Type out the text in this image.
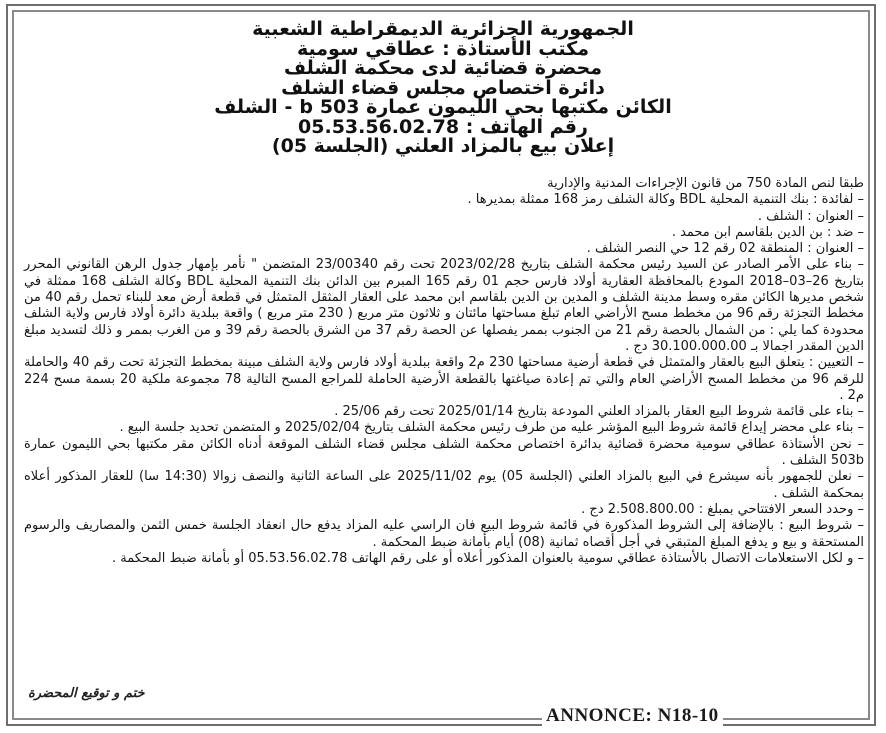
الجمهورية الجزائرية الديمقراطية الشعبية
مكتب الأستاذة : عطاقي سومية
محضرة قضائية لدى محكمة الشلف
دائرة اختصاص مجلس قضاء الشلف
الكائن مكتبها بحي الليمون عمارة 503 b - الشلف
رقم الهاتف : 05.53.56.02.78
إعلان بيع بالمزاد العلني (الجلسة 05)

طبقا لنص المادة 750 من قانون الإجراءات المدنية والإدارية

– لفائدة : بنك التنمية المحلية BDL وكالة الشلف رمز 168 ممثلة بمديرها .

– العنوان : الشلف .

– ضد : بن الدين بلقاسم ابن محمد .

– العنوان : المنطقة 02 رقم 12 حي النصر الشلف .

– بناء على الأمر الصادر عن السيد رئيس محكمة الشلف بتاريخ 2023/02/28 تحت رقم 23/00340 المتضمن " نأمر بإمهار جدول الرهن القانوني المحرر بتاريخ 26–03–2018 المودع بالمحافظة العقارية أولاد فارس حجم 01 رقم 165 المبرم بين الدائن بنك التنمية المحلية BDL وكالة الشلف 168 ممثلة في شخص مديرها الكائن مقره وسط مدينة الشلف و المدين بن الدين بلقاسم ابن محمد على العقار المثقل المتمثل في قطعة أرض معد للبناء تحمل رقم 40 من مخطط التجزئة رقم 96 من مخطط مسح الأراضي العام تبلغ مساحتها مائتان و ثلاثون متر مربع ( 230 متر مربع ) واقعة ببلدية دائرة أولاد فارس ولاية الشلف محدودة كما يلي : من الشمال بالحصة رقم 21 من الجنوب بممر يفصلها عن الحصة رقم 37 من الشرق بالحصة رقم 39 و من الغرب بممر و ذلك لتسديد مبلغ الدين المقدر اجمالا بـ 30.100.000.00 دج .

– التعيين : يتعلق البيع بالعقار والمتمثل في قطعة أرضية مساحتها 230 م2 واقعة ببلدية أولاد فارس ولاية الشلف مبينة بمخطط التجزئة تحت رقم 40 والحاملة للرقم 96 من مخطط المسح الأراضي العام والتي تم إعادة صياغتها بالقطعة الأرضية الحاملة للمراجع المسح التالية 78 مجموعة ملكية 20 بسمة مسح 224 م2 .

– بناء على قائمة شروط البيع العقار بالمزاد العلني المودعة بتاريخ 2025/01/14 تحت رقم 25/06 .

– بناء على محضر إيداع قائمة شروط البيع المؤشر عليه من طرف رئيس محكمة الشلف بتاريخ 2025/02/04 و المتضمن تحديد جلسة البيع .

– نحن الأستاذة عطاقي سومية محضرة قضائية بدائرة اختصاص محكمة الشلف مجلس قضاء الشلف الموقعة أدناه الكائن مقر مكتبها بحي الليمون عمارة 503b الشلف .

– نعلن للجمهور بأنه سيشرع في البيع بالمزاد العلني (الجلسة 05) يوم 2025/11/02 على الساعة الثانية والنصف زوالا (14:30 سا) للعقار المذكور أعلاه بمحكمة الشلف .

– وحدد السعر الافتتاحي بمبلغ : 2.508.800.00 دج .

– شروط البيع : بالإضافة إلى الشروط المذكورة في قائمة شروط البيع فان الراسي عليه المزاد يدفع حال انعقاد الجلسة خمس الثمن والمصاريف والرسوم المستحقة و بيع و يدفع المبلغ المتبقي في أجل أقصاه ثمانية (08) أيام بأمانة ضبط المحكمة .

– و لكل الاستعلامات الاتصال بالأستاذة عطاقي سومية بالعنوان المذكور أعلاه أو على رقم الهاتف 05.53.56.02.78 أو بأمانة ضبط المحكمة .

ختم و توقيع المحضرة
ANNONCE: N18-10
